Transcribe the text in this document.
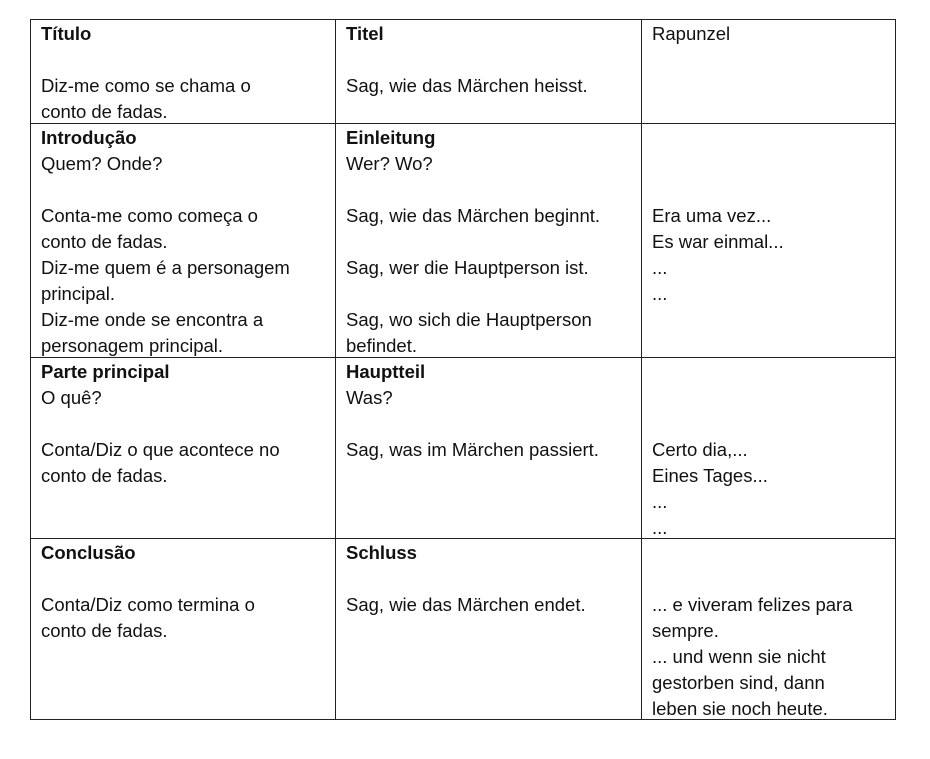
Título
Diz-me como se chama o
conto de fadas.
Titel
Sag, wie das Märchen heisst.
Rapunzel
Introdução
Quem? Onde?
Conta-me como começa o
conto de fadas.
Diz-me quem é a personagem
principal.
Diz-me onde se encontra a
personagem principal.
Einleitung
Wer? Wo?
Sag, wie das Märchen beginnt.
Sag, wer die Hauptperson ist.
Sag, wo sich die Hauptperson
befindet.
Era uma vez...
Es war einmal...
...
...
Parte principal
O quê?
Conta/Diz o que acontece no
conto de fadas.
Hauptteil
Was?
Sag, was im Märchen passiert.	Certo dia,...
Eines Tages...
...
...
Conclusão
Conta/Diz como termina o
conto de fadas.
Schluss
Sag, wie das Märchen endet.	... e viveram felizes para
sempre.
... und wenn sie nicht
gestorben sind, dann
leben sie noch heute.
